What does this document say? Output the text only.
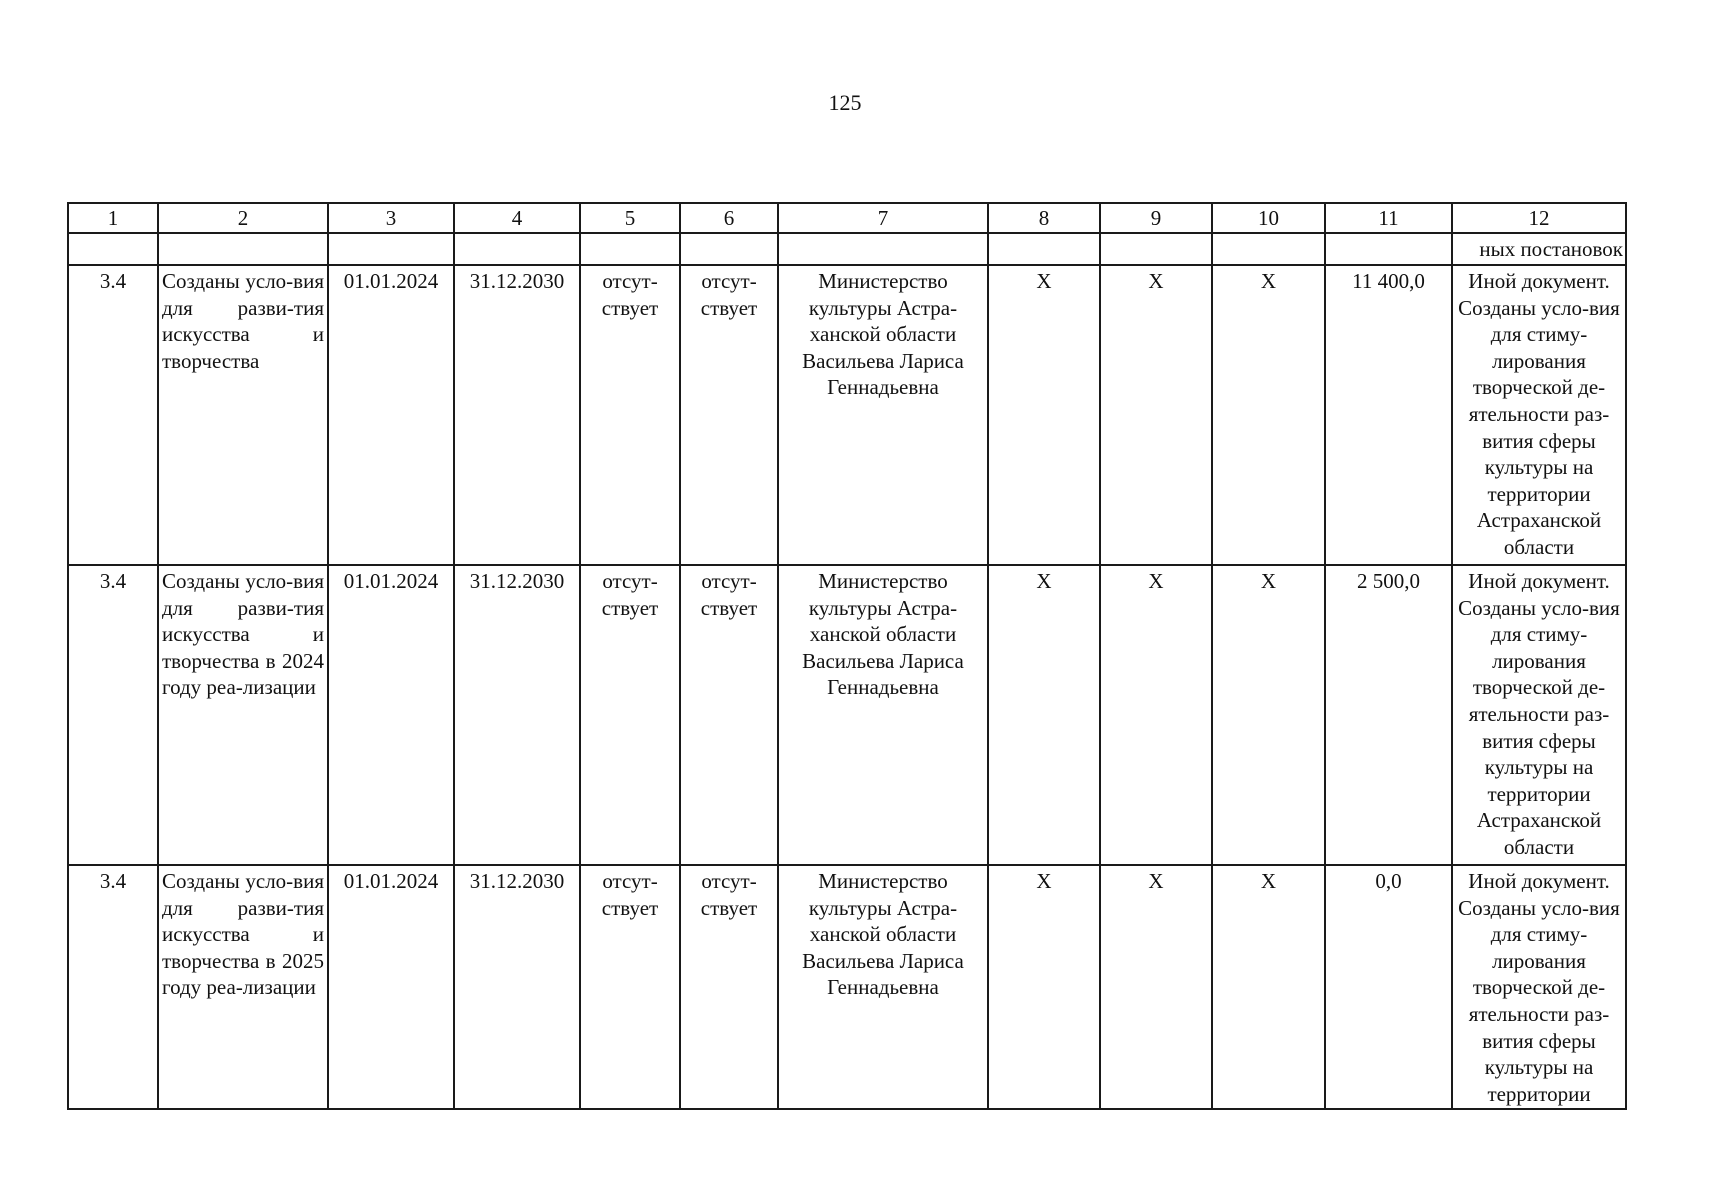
125
1	2	3	4	5	6	7	8	9	10	11	12
											ных постановок
3.4	Созданы усло-вия для разви-тия искусства и творчества	01.01.2024	31.12.2030	отсут-ствует	отсут-ствует	Министерство культуры Астра-ханской области Васильева Лариса Геннадьевна	X	X	X	11 400,0	Иной документ. Созданы усло-вия для стиму-лирования творческой де-ятельности раз-вития сферы культуры на территории Астраханской области
3.4	Созданы усло-вия для разви-тия искусства и творчества в 2024 году реа-лизации	01.01.2024	31.12.2030	отсут-ствует	отсут-ствует	Министерство культуры Астра-ханской области Васильева Лариса Геннадьевна	X	X	X	2 500,0	Иной документ. Созданы усло-вия для стиму-лирования творческой де-ятельности раз-вития сферы культуры на территории Астраханской области
3.4	Созданы усло-вия для разви-тия искусства и творчества в 2025 году реа-лизации	01.01.2024	31.12.2030	отсут-ствует	отсут-ствует	Министерство культуры Астра-ханской области Васильева Лариса Геннадьевна	X	X	X	0,0	Иной документ. Созданы усло-вия для стиму-лирования творческой де-ятельности раз-вития сферы культуры на территории
